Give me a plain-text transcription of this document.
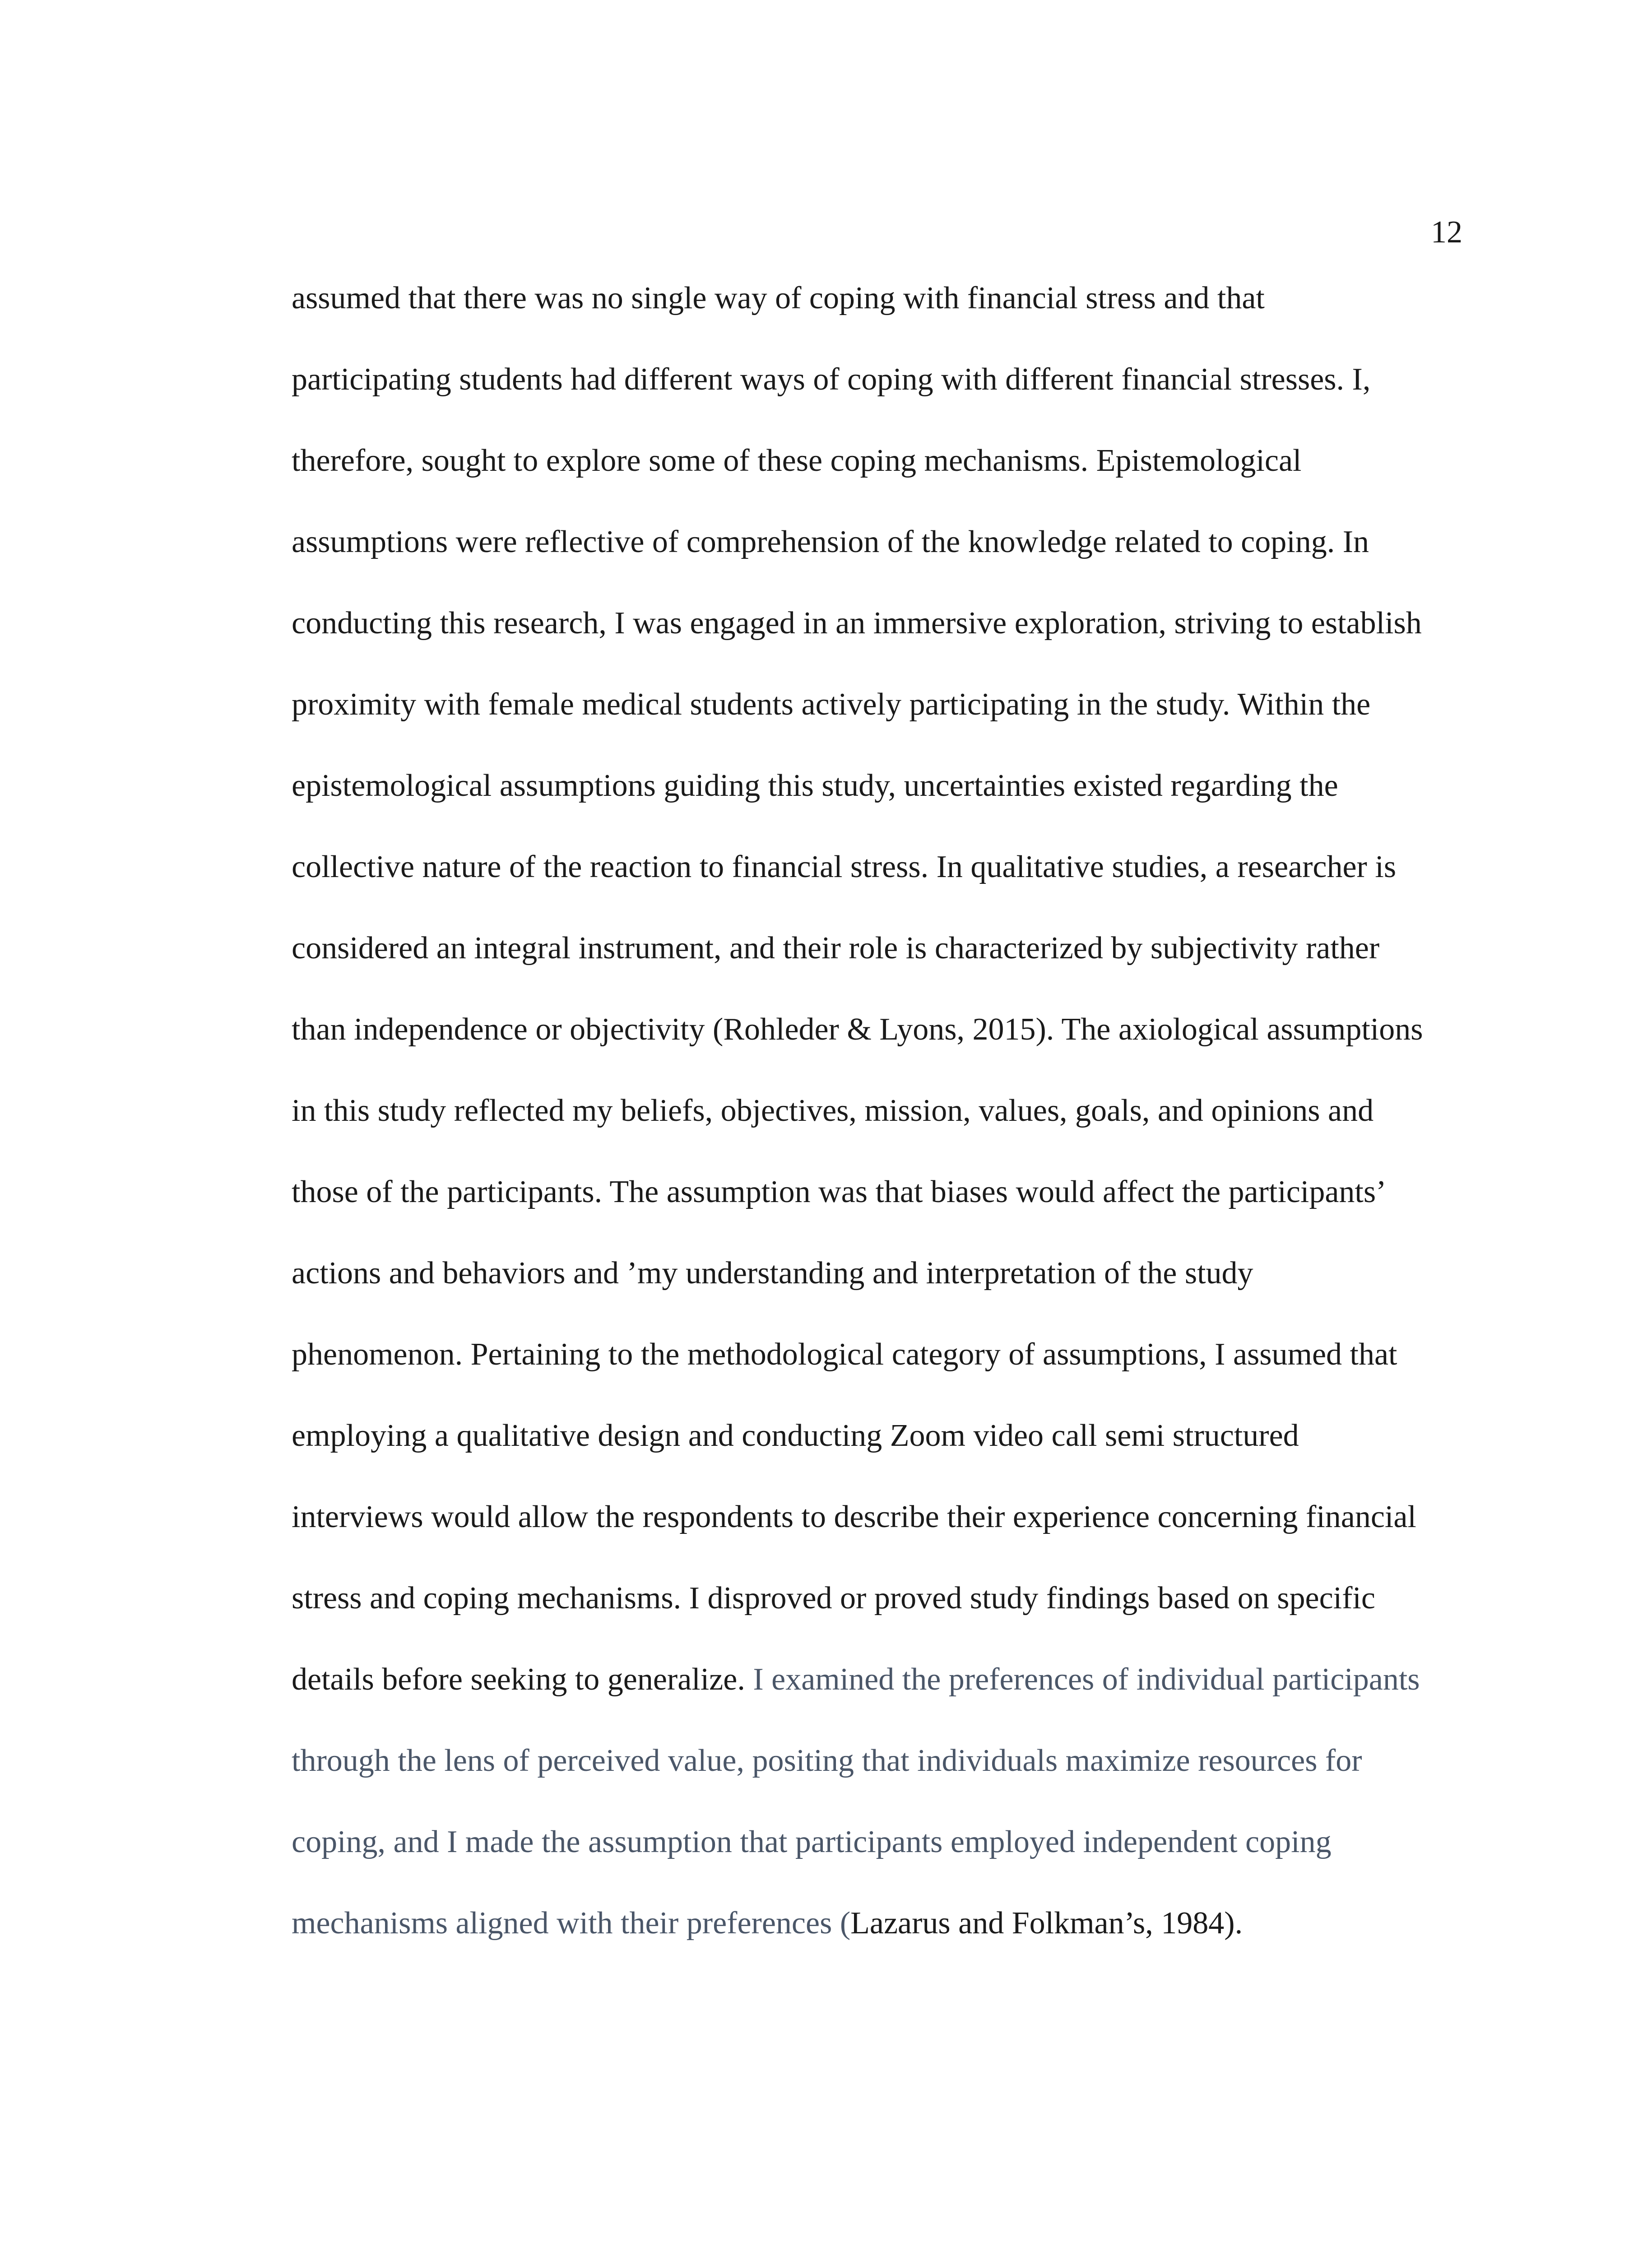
12
assumed that there was no single way of coping with financial stress and that
participating students had different ways of coping with different financial stresses. I,
therefore, sought to explore some of these coping mechanisms. Epistemological
assumptions were reflective of comprehension of the knowledge related to coping. In
conducting this research, I was engaged in an immersive exploration, striving to establish
proximity with female medical students actively participating in the study. Within the
epistemological assumptions guiding this study, uncertainties existed regarding the
collective nature of the reaction to financial stress. In qualitative studies, a researcher is
considered an integral instrument, and their role is characterized by subjectivity rather
than independence or objectivity (Rohleder & Lyons, 2015). The axiological assumptions
in this study reflected my beliefs, objectives, mission, values, goals, and opinions and
those of the participants. The assumption was that biases would affect the participants’
actions and behaviors and ’my understanding and interpretation of the study
phenomenon. Pertaining to the methodological category of assumptions, I assumed that
employing a qualitative design and conducting Zoom video call semi structured
interviews would allow the respondents to describe their experience concerning financial
stress and coping mechanisms. I disproved or proved study findings based on specific
details before seeking to generalize. I examined the preferences of individual participants
through the lens of perceived value, positing that individuals maximize resources for
coping, and I made the assumption that participants employed independent coping
mechanisms aligned with their preferences (Lazarus and Folkman’s, 1984).
